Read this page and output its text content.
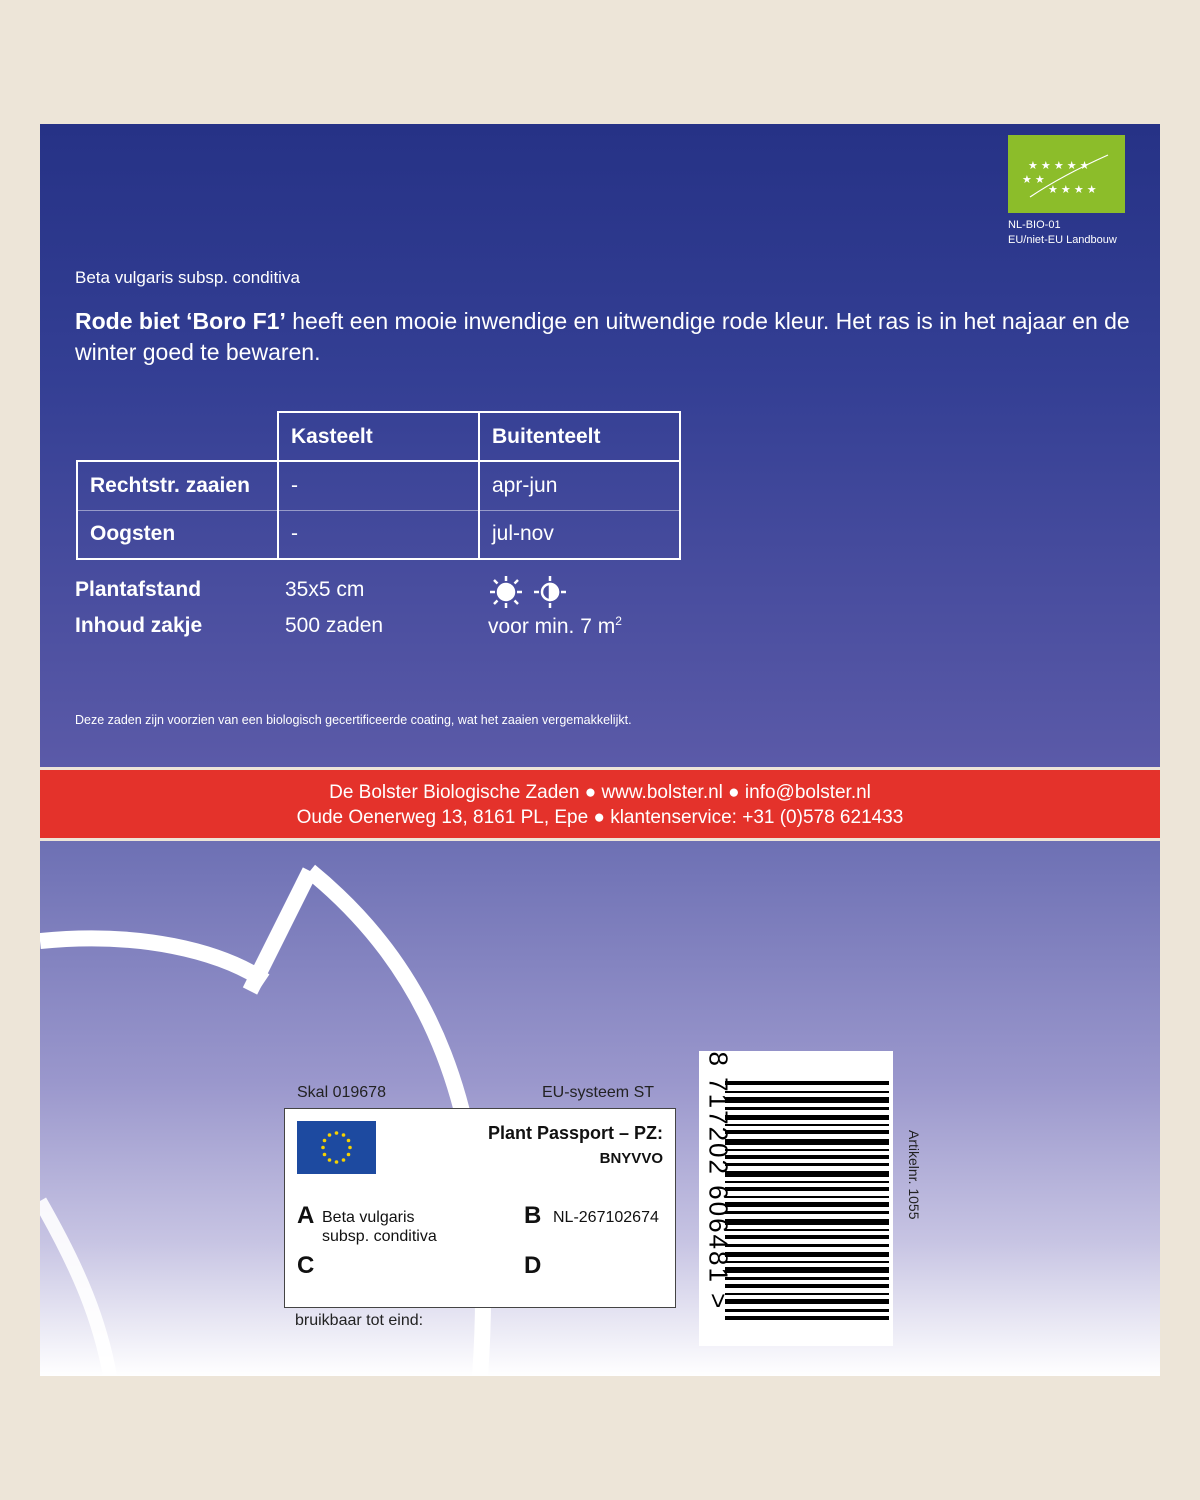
★ ★ ★ ★ ★
★ ★
★ ★ ★ ★
NL-BIO-01
EU/niet-EU Landbouw
Beta vulgaris subsp. conditiva
Rode biet ‘Boro F1’ heeft een mooie inwendige en uitwendige rode kleur. Het ras is in het najaar en de winter goed te bewaren.
	Kasteelt	Buitenteelt
Rechtstr. zaaien	-	apr-jun
Oogsten	-	jul-nov
Plantafstand	35x5 cm
Inhoud zakje	500 zaden	voor min. 7 $m^2$
Deze zaden zijn voorzien van een biologisch gecertificeerde coating, wat het zaaien vergemakkelijkt.
De Bolster Biologische Zaden ● www.bolster.nl ● info@bolster.nl
Oude Oenerweg 13, 8161 PL, Epe ● klantenservice: +31 (0)578 621433
Skal 019678	EU-systeem ST
Plant Passport – PZ:
BNYVVO
A Beta vulgaris
subsp. conditiva
B NL-267102674
C	D
bruikbaar tot eind:
8 717202 606481 >	Artikelnr. 1055
